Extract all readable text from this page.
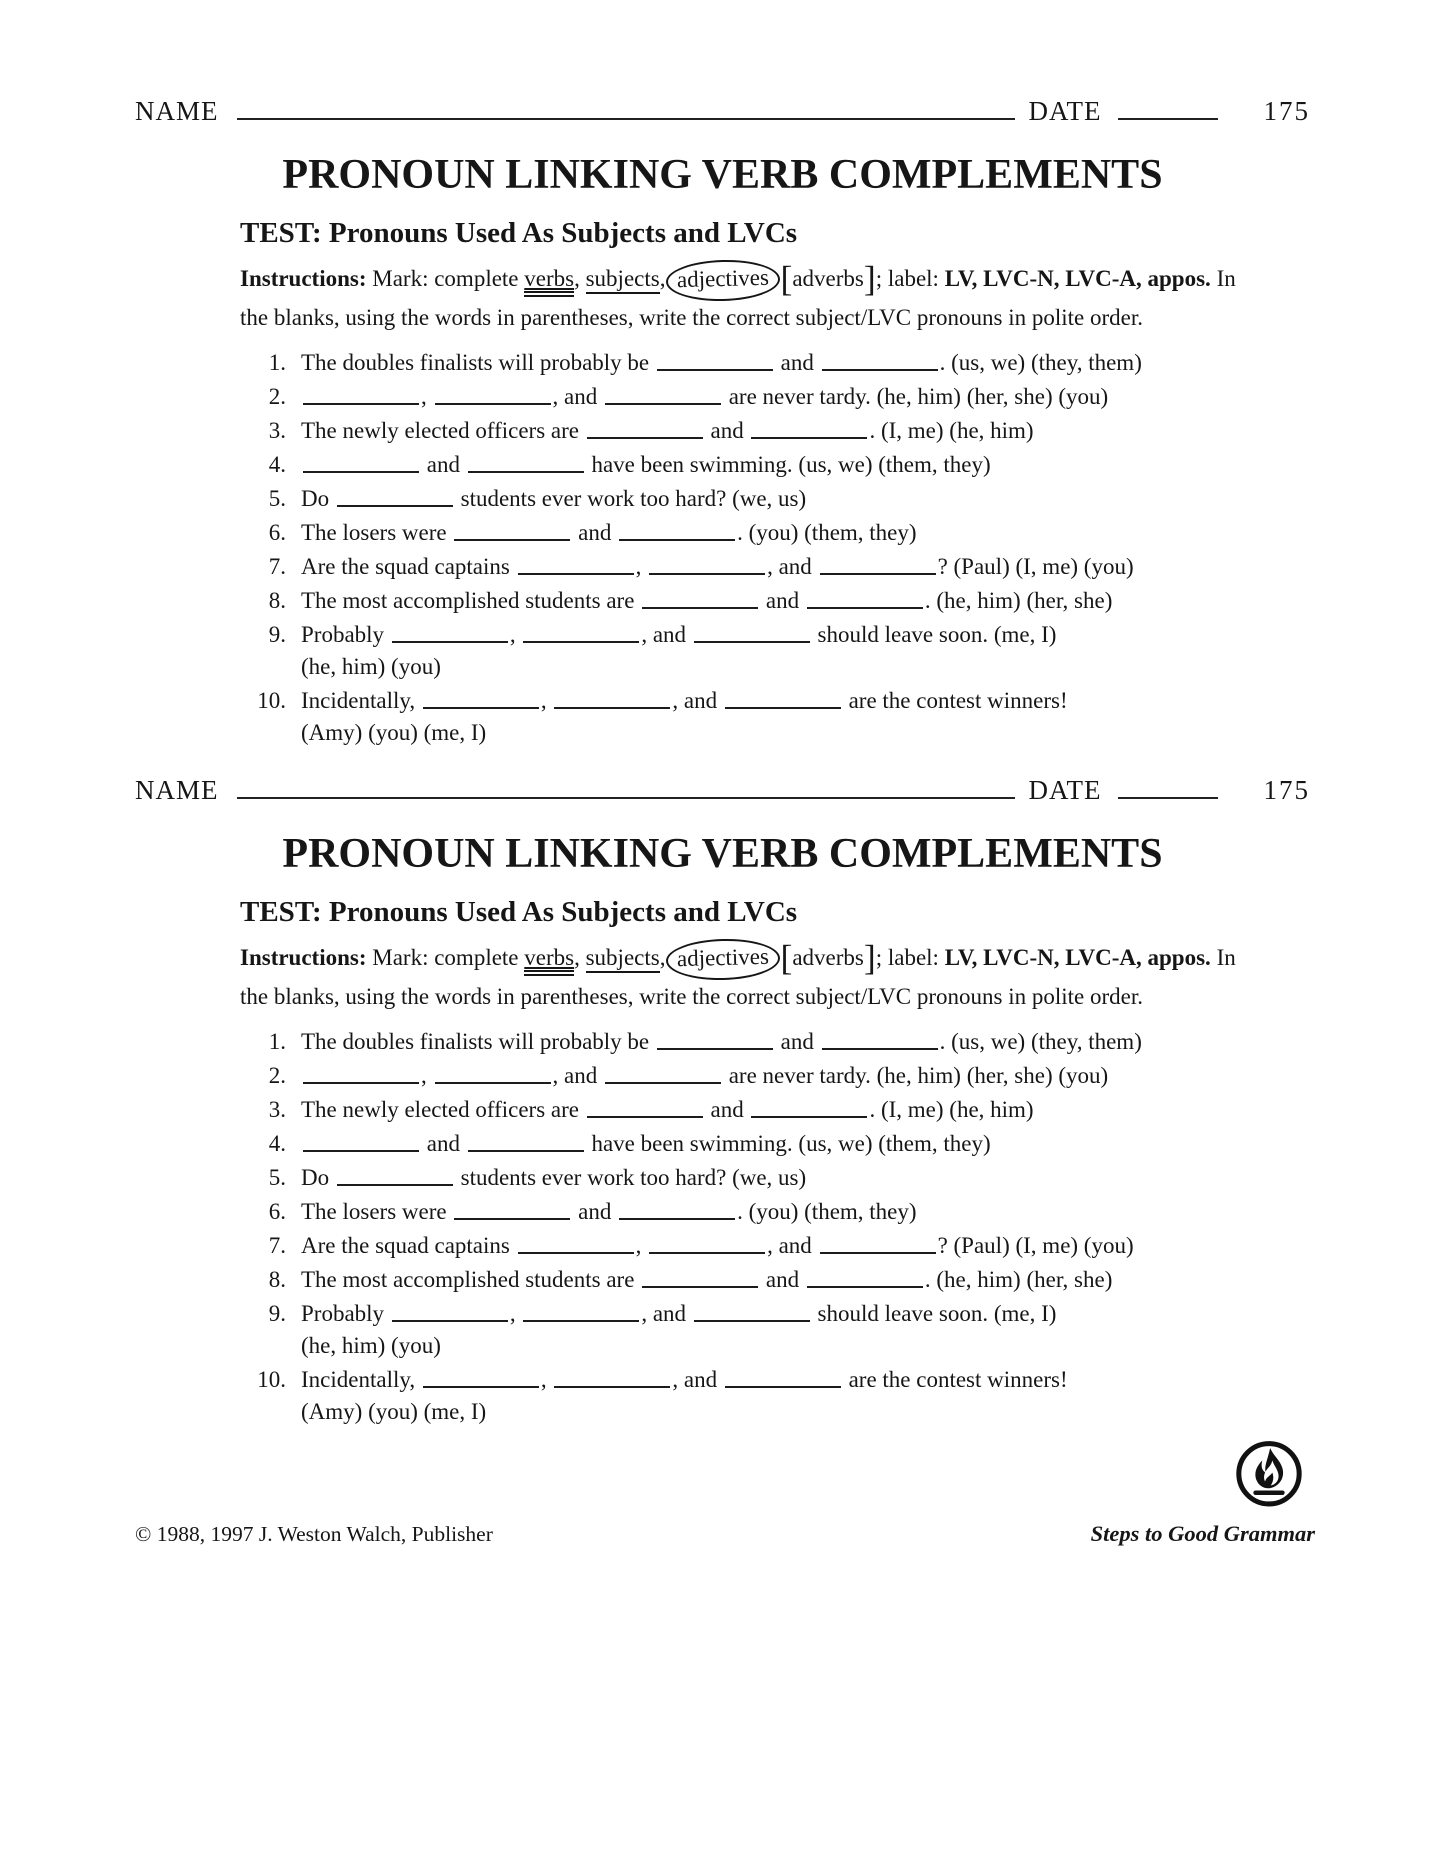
NAME	DATE	175
PRONOUN LINKING VERB COMPLEMENTS
TEST: Pronouns Used As Subjects and LVCs

Instructions: Mark: complete verbs, subjects, adjectives [adverbs]; label: LV, LVC-N, LVC-A, appos. In the blanks, using the words in parentheses, write the correct subject/LVC pronouns in polite order.

1. The doubles finalists will probably be	and	. (us, we) (they, them)
2.	,	, and	are never tardy. (he, him) (her, she) (you)
3. The newly elected officers are	and	. (I, me) (he, him)
4.	and	have been swimming. (us, we) (them, they)
5. Do	students ever work too hard? (we, us)
6. The losers were	and	. (you) (them, they)
7. Are the squad captains	,	, and	? (Paul) (I, me) (you)
8. The most accomplished students are	and	. (he, him) (her, she)
9. Probably	,	, and	should leave soon. (me, I)
(he, him) (you)
10. Incidentally,	,	, and	are the contest winners!
(Amy) (you) (me, I)
NAME	DATE	175
PRONOUN LINKING VERB COMPLEMENTS
TEST: Pronouns Used As Subjects and LVCs

Instructions: Mark: complete verbs, subjects, adjectives [adverbs]; label: LV, LVC-N, LVC-A, appos. In the blanks, using the words in parentheses, write the correct subject/LVC pronouns in polite order.

1. The doubles finalists will probably be	and	. (us, we) (they, them)
2.	,	, and	are never tardy. (he, him) (her, she) (you)
3. The newly elected officers are	and	. (I, me) (he, him)
4.	and	have been swimming. (us, we) (them, they)
5. Do	students ever work too hard? (we, us)
6. The losers were	and	. (you) (them, they)
7. Are the squad captains	,	, and	? (Paul) (I, me) (you)
8. The most accomplished students are	and	. (he, him) (her, she)
9. Probably	,	, and	should leave soon. (me, I)
(he, him) (you)
10. Incidentally,	,	, and	are the contest winners!
(Amy) (you) (me, I)
© 1988, 1997 J. Weston Walch, Publisher	Steps to Good Grammar
